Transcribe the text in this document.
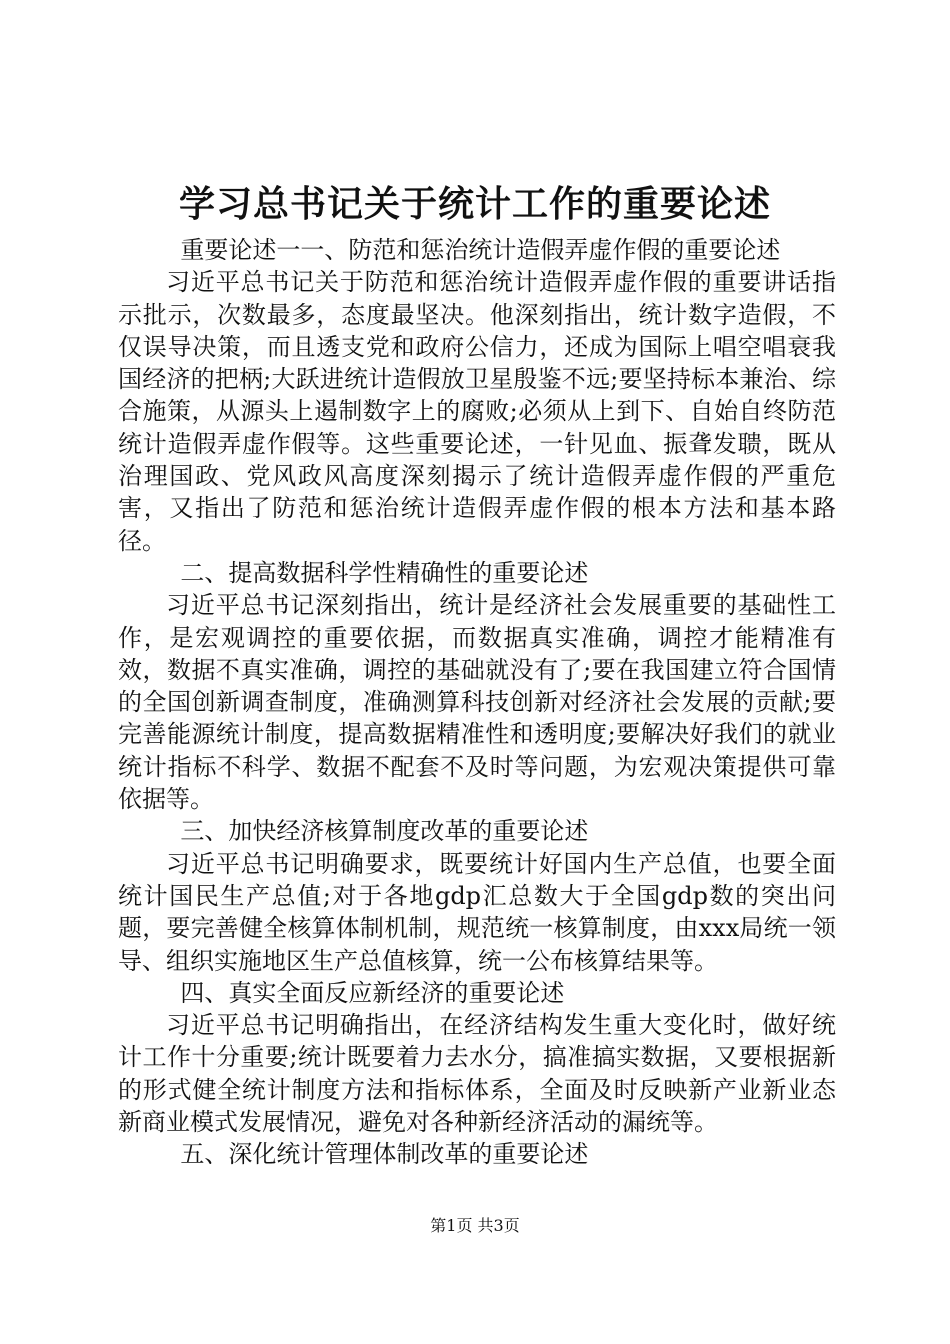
学习总书记关于统计工作的重要论述

重要论述一一、防范和惩治统计造假弄虚作假的重要论述

习近平总书记关于防范和惩治统计造假弄虚作假的重要讲话指示批示，次数最多，态度最坚决。他深刻指出，统计数字造假，不仅误导决策，而且透支党和政府公信力，还成为国际上唱空唱衰我国经济的把柄;大跃进统计造假放卫星殷鉴不远;要坚持标本兼治、综合施策，从源头上遏制数字上的腐败;必须从上到下、自始自终防范统计造假弄虚作假等。这些重要论述，一针见血、振聋发聩，既从治理国政、党风政风高度深刻揭示了统计造假弄虚作假的严重危害，又指出了防范和惩治统计造假弄虚作假的根本方法和基本路径。

二、提高数据科学性精确性的重要论述

习近平总书记深刻指出，统计是经济社会发展重要的基础性工作，是宏观调控的重要依据，而数据真实准确，调控才能精准有效，数据不真实准确，调控的基础就没有了;要在我国建立符合国情的全国创新调查制度，准确测算科技创新对经济社会发展的贡献;要完善能源统计制度，提高数据精准性和透明度;要解决好我们的就业统计指标不科学、数据不配套不及时等问题，为宏观决策提供可靠依据等。

三、加快经济核算制度改革的重要论述

习近平总书记明确要求，既要统计好国内生产总值，也要全面统计国民生产总值;对于各地gdp汇总数大于全国gdp数的突出问题，要完善健全核算体制机制，规范统一核算制度，由xxx局统一领导、组织实施地区生产总值核算，统一公布核算结果等。

四、真实全面反应新经济的重要论述

习近平总书记明确指出，在经济结构发生重大变化时，做好统计工作十分重要;统计既要着力去水分，搞准搞实数据，又要根据新的形式健全统计制度方法和指标体系，全面及时反映新产业新业态新商业模式发展情况，避免对各种新经济活动的漏统等。

五、深化统计管理体制改革的重要论述

第1页 共3页
